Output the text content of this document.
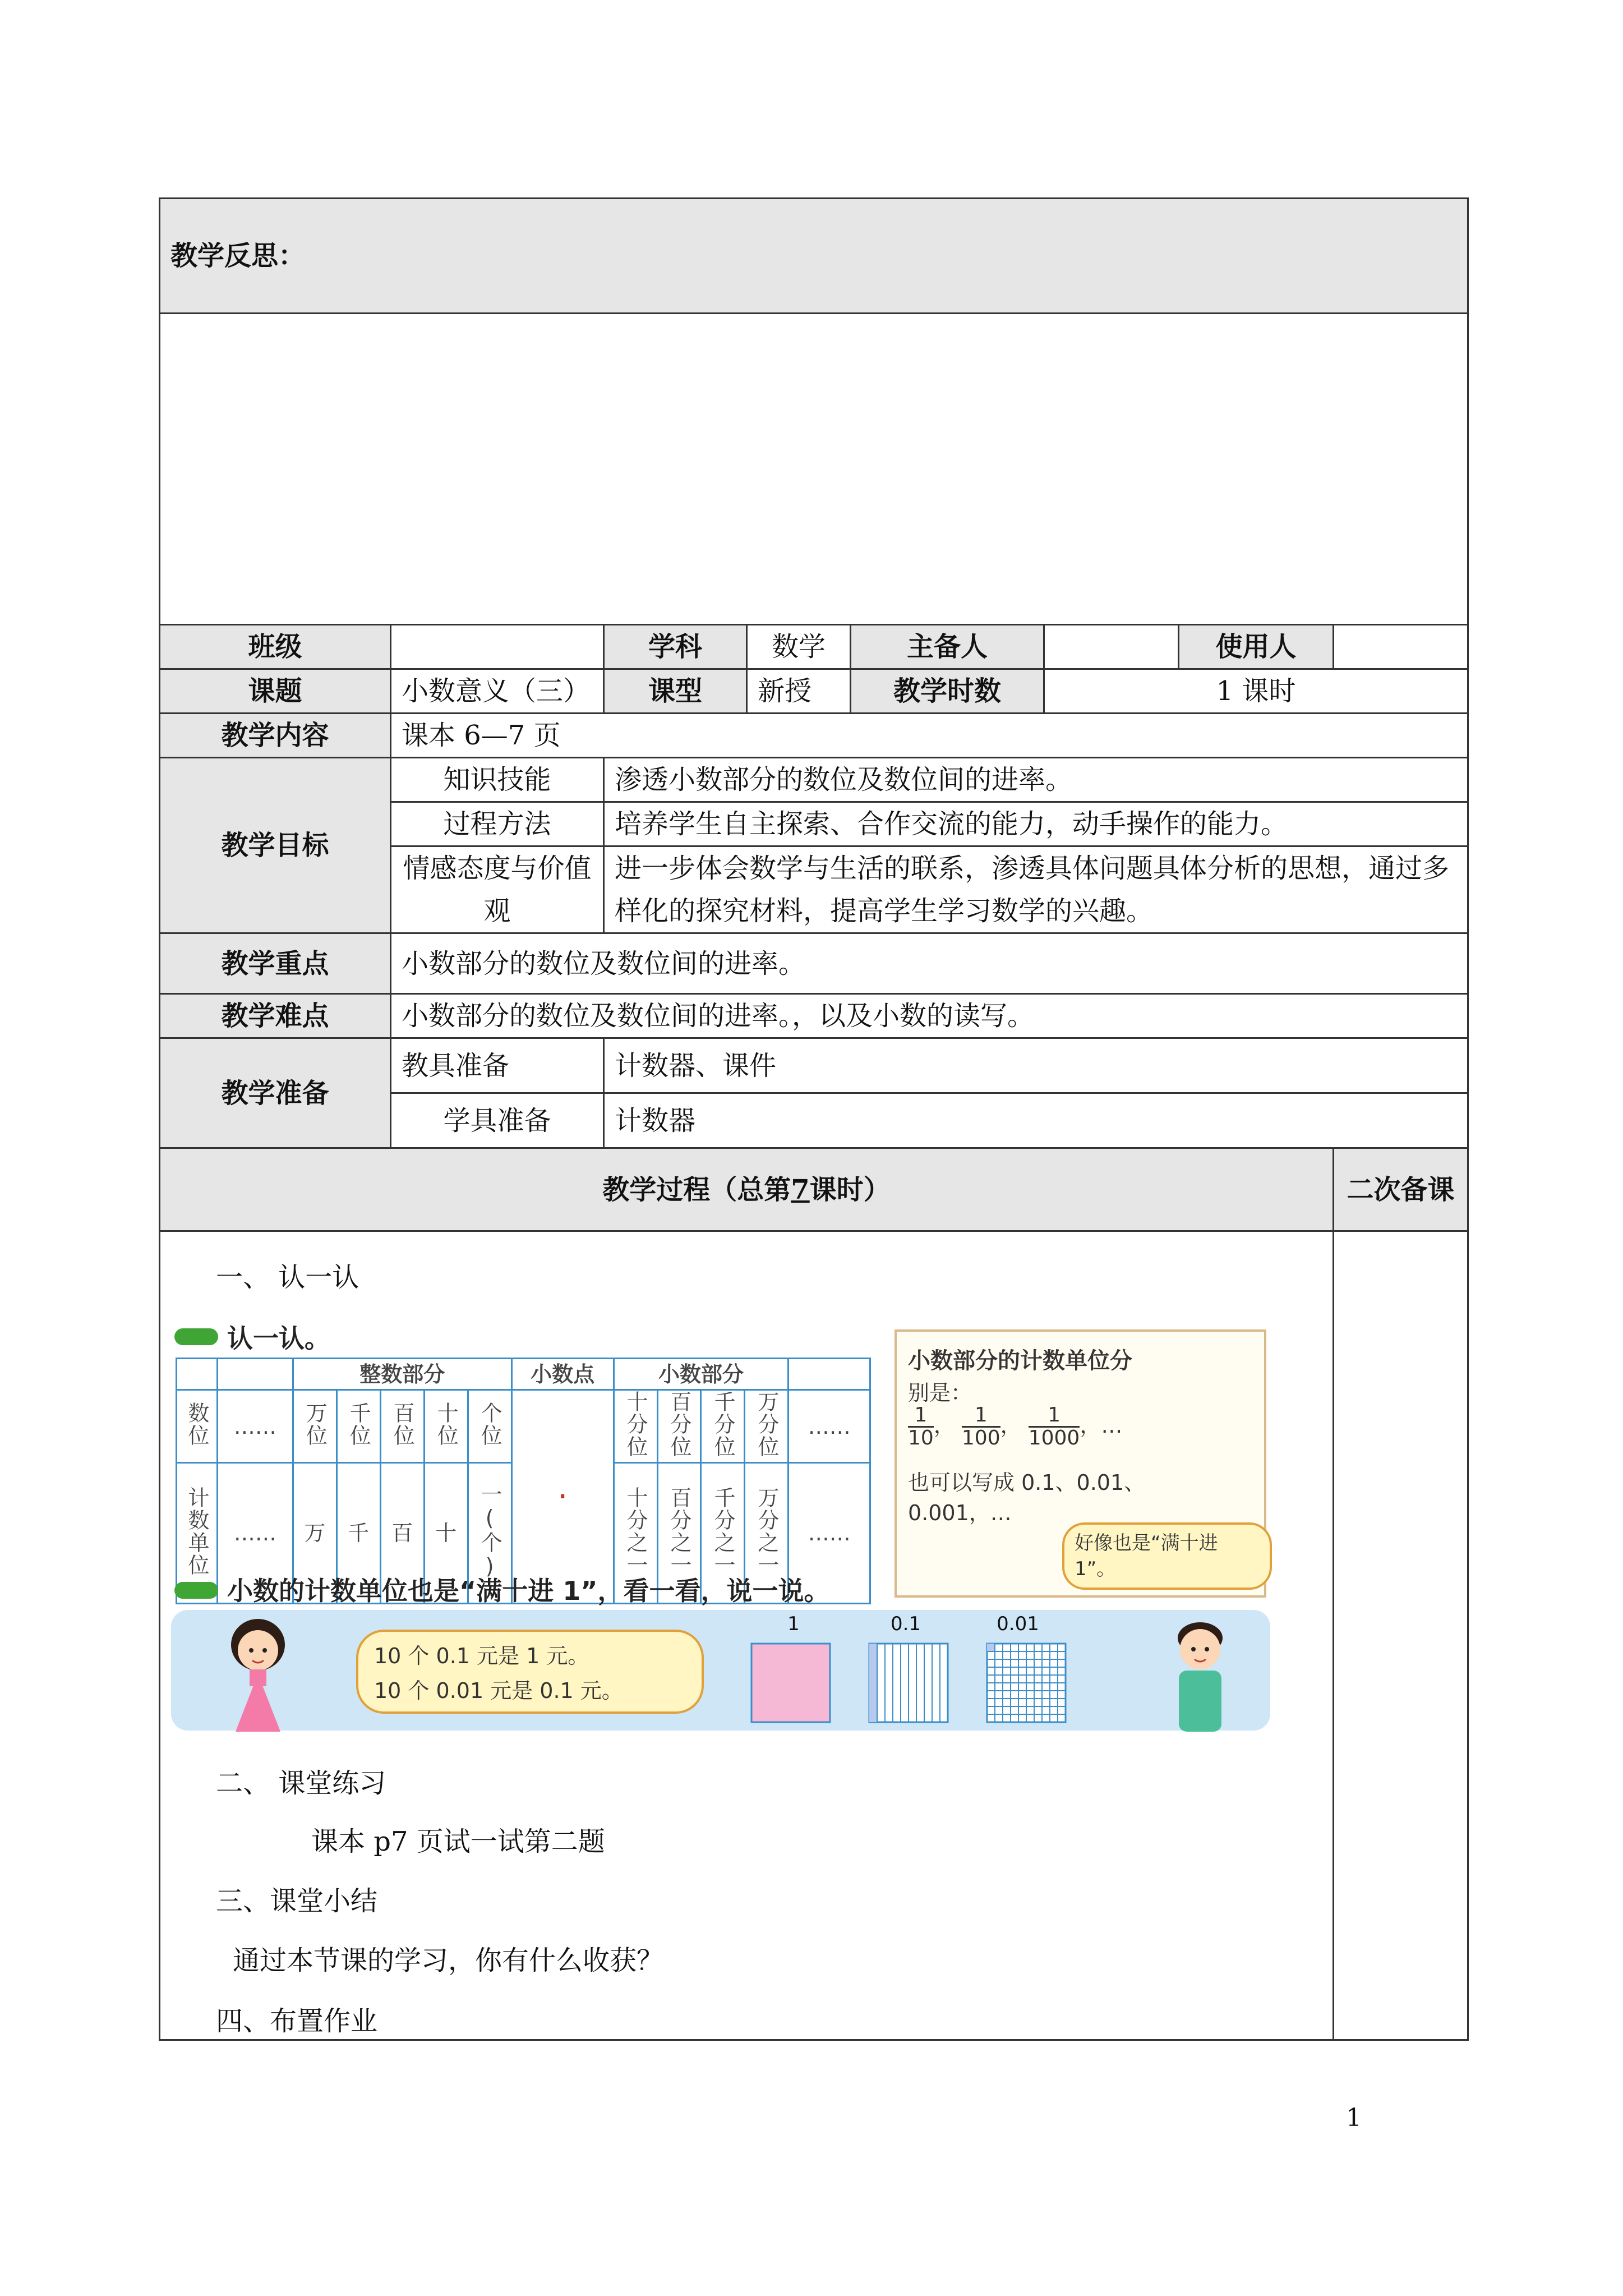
教学反思：							

班级		学科	数学	主备人		使用人	
课题	小数意义（三）	课型	新授	教学时数	1 课时		
教学内容	课本 6—7 页						
教学目标	知识技能	渗透小数部分的数位及数位间的进率。					
	过程方法	培养学生自主探索、合作交流的能力，动手操作的能力。					
	情感态度与价值观	进一步体会数学与生活的联系，渗透具体问题具体分析的思想，通过多样化的探究材料，提高学生学习数学的兴趣。					
教学重点	小数部分的数位及数位间的进率。						
教学难点	小数部分的数位及数位间的进率。，以及小数的读写。						
教学准备	教具准备	计数器、课件					
	学具准备	计数器					
教学过程（总第7课时）							二次备课

一、 认一认
二、 课堂练习
课本 p7 页试一试第二题
三、课堂小结
通过本节课的学习，你有什么收获？
四、布置作业
认一认。
		整数部分					小数点	小数部分				
数位	……	万位	千位	百位	十位	个位	·	十分位	百分位	千分位	万分位	……
计数单位	……	万	千	百	十	一(个)		十分之一	百分之一	千分之一	万分之一	……
小数部分的计数单位分
别是：
$\frac{1}{10}$ ， $\frac{1}{100}$ ， $\frac{1}{1000}$ ，…
也可以写成 0.1、0.01、
0.001，…
好像也是“满十进 1”。
小数的计数单位也是“满十进 1”，看一看，说一说。
10 个 0.1 元是 1 元。
10 个 0.01 元是 0.1 元。
1	0.1	0.01
1
